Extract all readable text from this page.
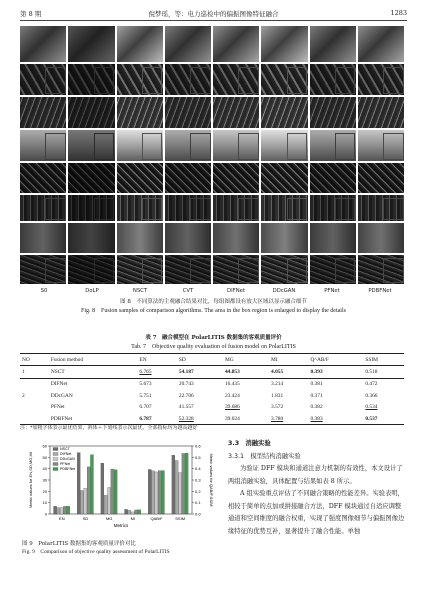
第 8 期	倪梦瑶，等：电力巡检中的偏振图像特征融合	1283
S0	DoLP	NSCT	CVT	DIFNet	DDcGAN	PFNet	PDBFNet
图 8　不同算法的主观融合结果对比，每组图都设有放大区域以显示融合细节
Fig. 8　Fusion samples of comparison algorithms. The area in the box region is enlarged to display the details
表 7　融合模型在 PolarLITIS 数据集的客观质量评价
Tab. 7　Objective quality evaluation of fusion model on PolarLITIS
NO	Fusion method	EN	SD	MG	MI	Q^AB/F	SSIM
1	NSCT	6.765	54.187	44.853	4.055	0.393	0.518
	DIFNet	5.673	20.743	16.435	3.214	0.381	0.472
2	DDcGAN	5.751	22.706	23.424	1.831	0.371	0.366
	PFNet	6.707	41.557	39.686	3.572	0.382	0.534
	PDBFNet	6.787	52.328	39.024	3.780	0.383	0.537
注：*加粗字体表示最优结果，斜体＋下划线表示次最优，全部指标均为越高越好
0
10
20
30
40
50
60
0.0
0.1
0.2
0.3
0.4
0.5
0.6
EN	SD	MG	MI	QAB/F	SSIM
Metrics
Metric values for EN,SD,MG,MI	Metric values for QAB/F,SSIM
NSCT
DIFNet
DDcGAN
PFNet
PDBFNet
图 9　PolarLITIS 数据集的客观质量评价对比
Fig. 9　Comparison of objective quality assessment of PolarLITIS

3.3　消融实验

3.3.1　模型结构消融实验

为验证 DFF 模块和通道注意力机制的有效性，本文设计了两组消融实验，具体配置与结果如表 8 所示。

A 组实验重点评估了不同融合策略的性能差异。实验表明，相较于简单的点加或拼接融合方法，DFF 模块通过自适应调整通道和空间维度的融合权重，实现了强度图像细节与偏振图像边缘特征的优势互补，显著提升了融合性能。单独
